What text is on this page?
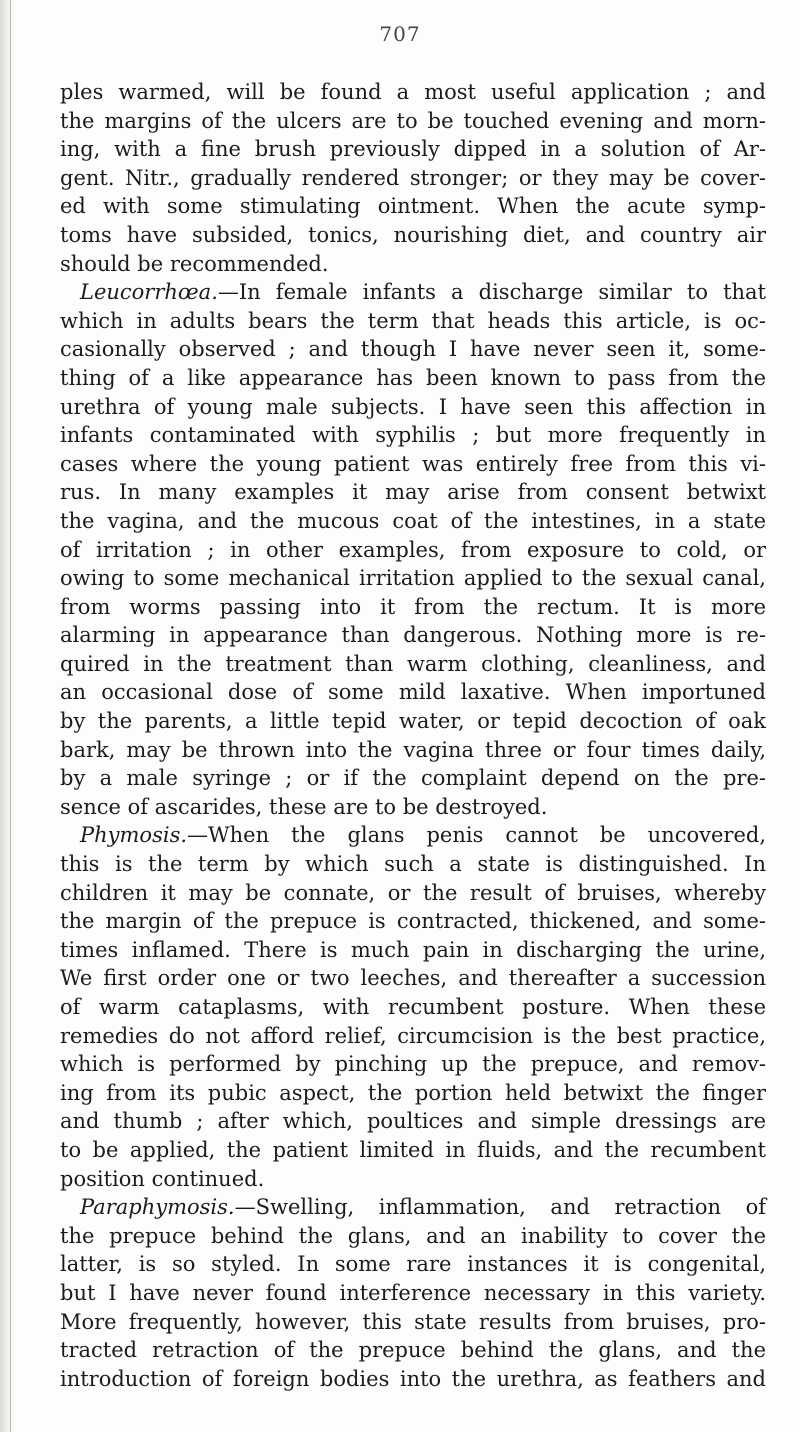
707
ples warmed, will be found a most useful application ; and
the margins of the ulcers are to be touched evening and morn-
ing, with a fine brush previously dipped in a solution of Ar-
gent. Nitr., gradually rendered stronger; or they may be cover-
ed with some stimulating ointment. When the acute symp-
toms have subsided, tonics, nourishing diet, and country air
should be recommended.
Leucorrhœa.—In female infants a discharge similar to that
which in adults bears the term that heads this article, is oc-
casionally observed ; and though I have never seen it, some-
thing of a like appearance has been known to pass from the
urethra of young male subjects. I have seen this affection in
infants contaminated with syphilis ; but more frequently in
cases where the young patient was entirely free from this vi-
rus. In many examples it may arise from consent betwixt
the vagina, and the mucous coat of the intestines, in a state
of irritation ; in other examples, from exposure to cold, or
owing to some mechanical irritation applied to the sexual canal,
from worms passing into it from the rectum. It is more
alarming in appearance than dangerous. Nothing more is re-
quired in the treatment than warm clothing, cleanliness, and
an occasional dose of some mild laxative. When importuned
by the parents, a little tepid water, or tepid decoction of oak
bark, may be thrown into the vagina three or four times daily,
by a male syringe ; or if the complaint depend on the pre-
sence of ascarides, these are to be destroyed.
Phymosis.—When the glans penis cannot be uncovered,
this is the term by which such a state is distinguished. In
children it may be connate, or the result of bruises, whereby
the margin of the prepuce is contracted, thickened, and some-
times inflamed. There is much pain in discharging the urine,
We first order one or two leeches, and thereafter a succession
of warm cataplasms, with recumbent posture. When these
remedies do not afford relief, circumcision is the best practice,
which is performed by pinching up the prepuce, and remov-
ing from its pubic aspect, the portion held betwixt the finger
and thumb ; after which, poultices and simple dressings are
to be applied, the patient limited in fluids, and the recumbent
position continued.
Paraphymosis.—Swelling, inflammation, and retraction of
the prepuce behind the glans, and an inability to cover the
latter, is so styled. In some rare instances it is congenital,
but I have never found interference necessary in this variety.
More frequently, however, this state results from bruises, pro-
tracted retraction of the prepuce behind the glans, and the
introduction of foreign bodies into the urethra, as feathers and
